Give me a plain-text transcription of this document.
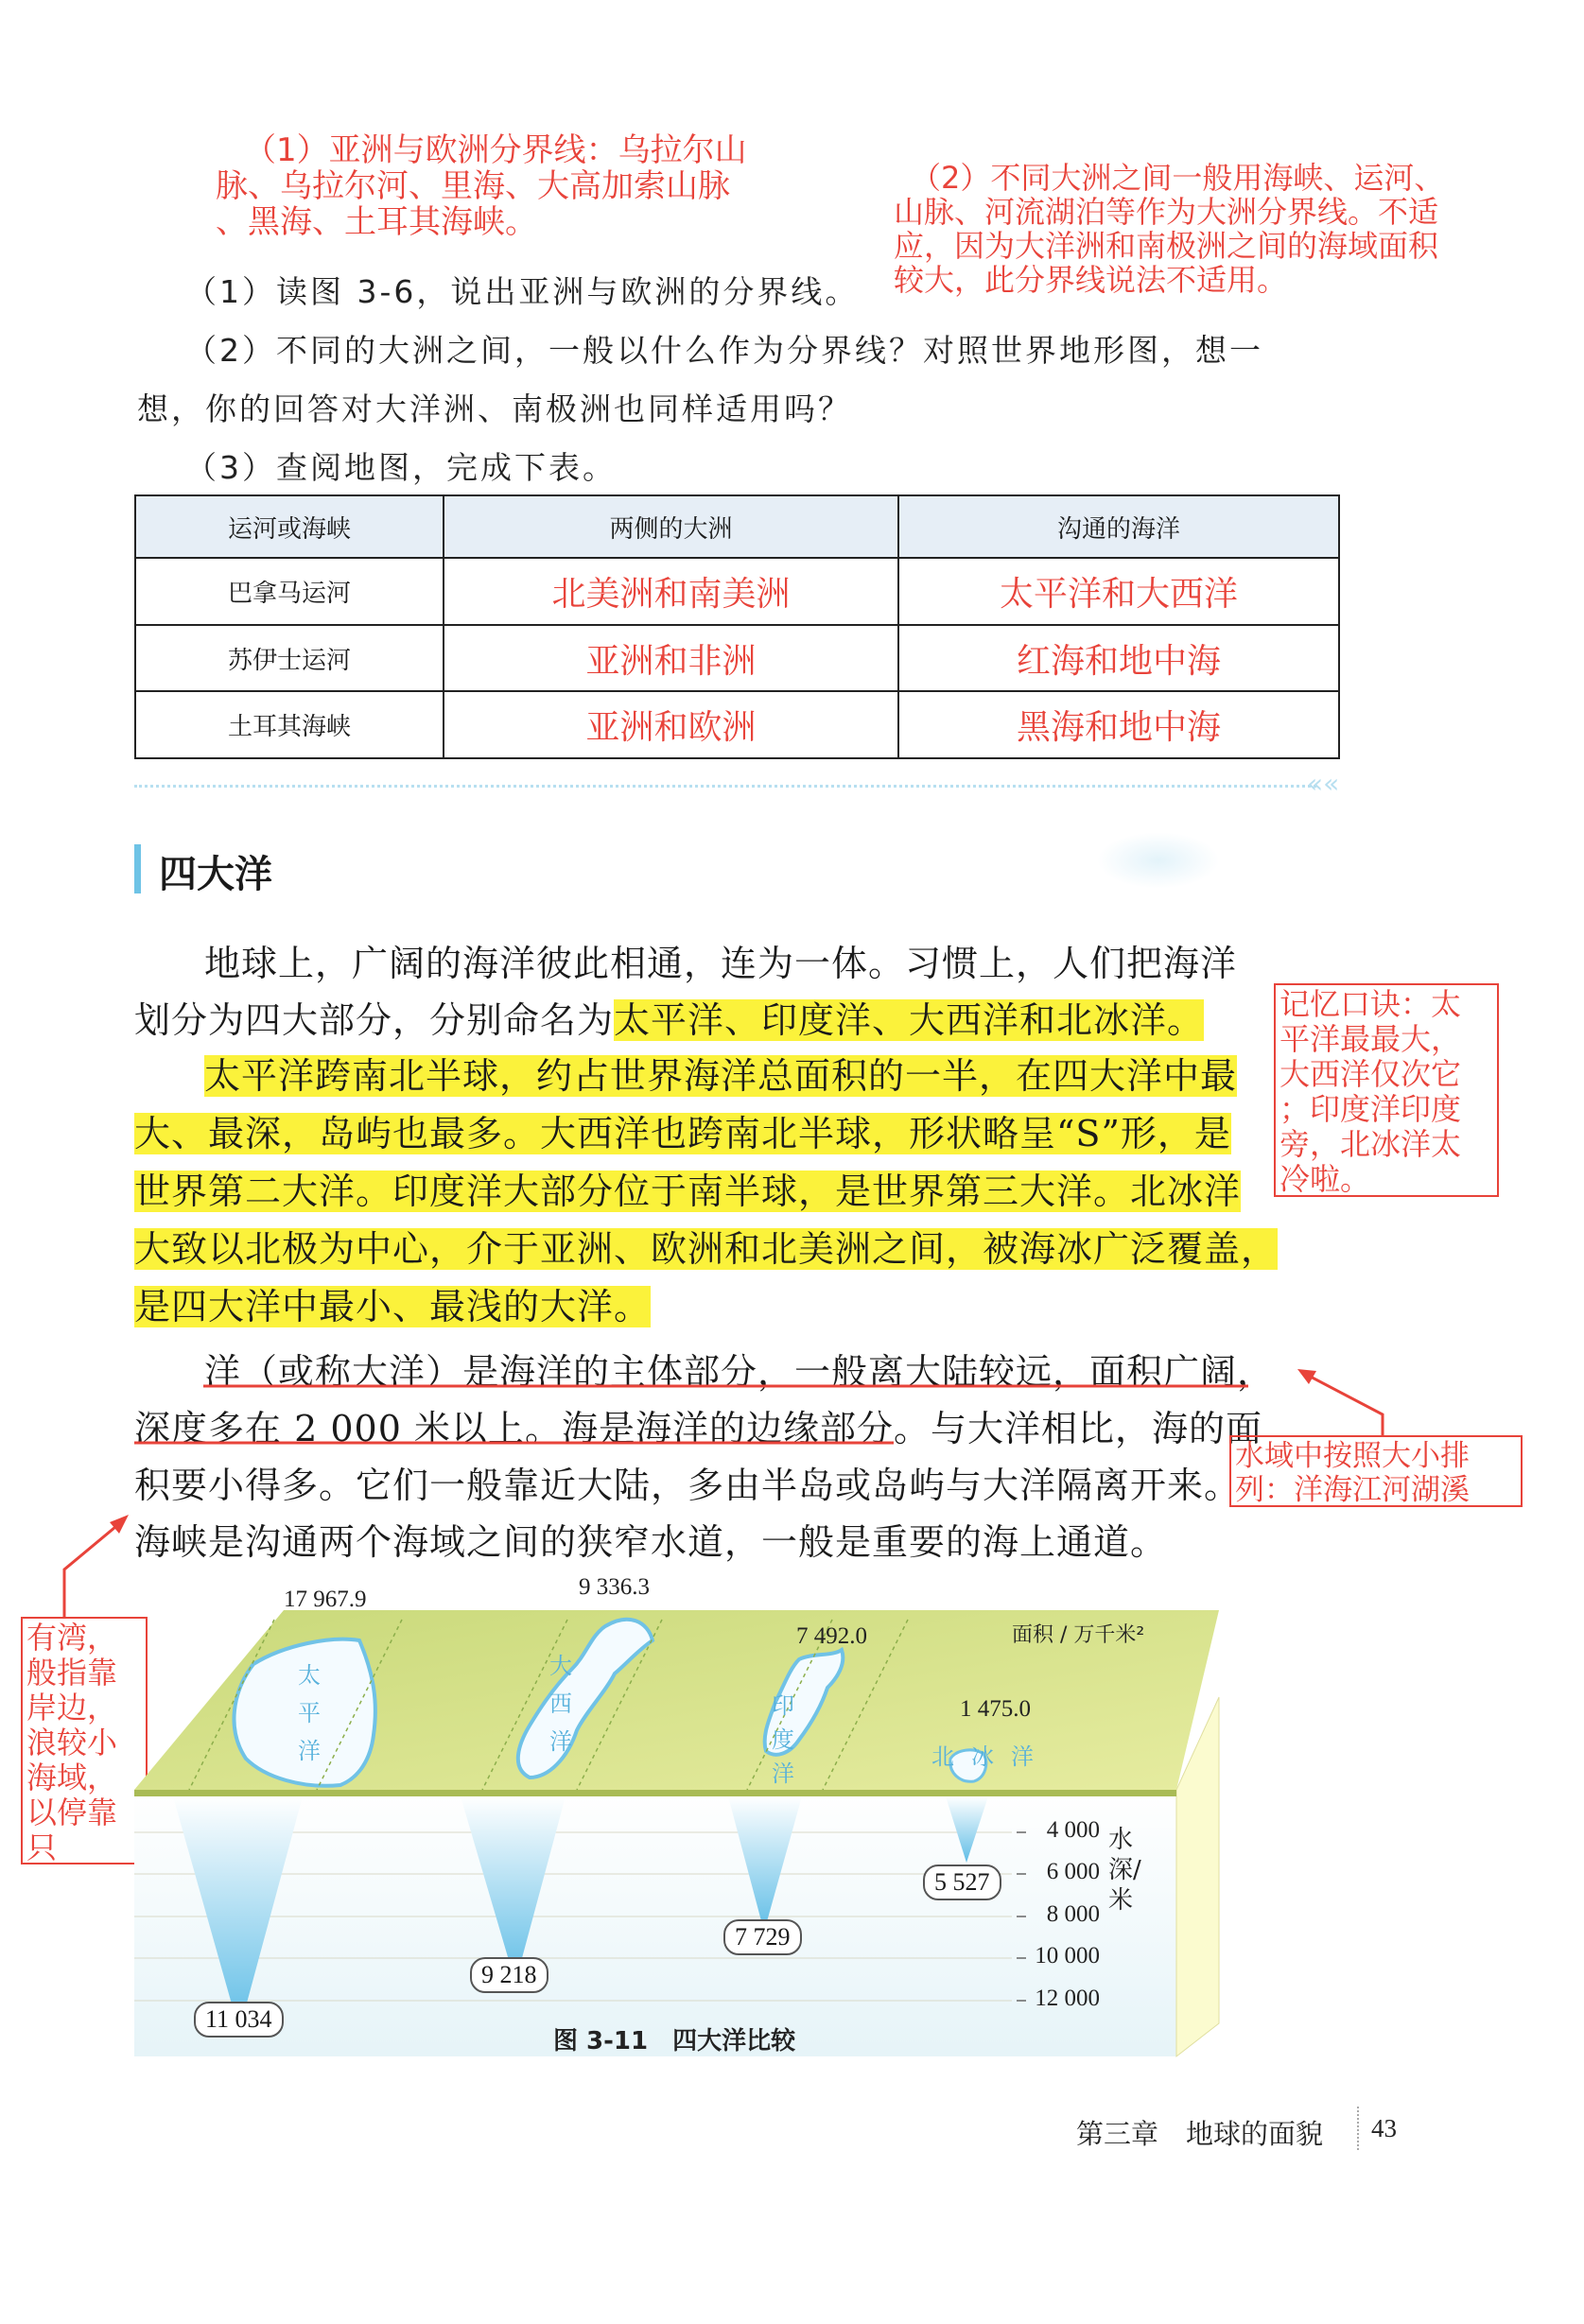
（1）亚洲与欧洲分界线：乌拉尔山
脉、乌拉尔河、里海、大高加索山脉
、黑海、土耳其海峡。
（2）不同大洲之间一般用海峡、运河、
山脉、河流湖泊等作为大洲分界线。不适
应，因为大洋洲和南极洲之间的海域面积
较大，此分界线说法不适用。
（1）读图 3-6，说出亚洲与欧洲的分界线。
（2）不同的大洲之间，一般以什么作为分界线？对照世界地形图，想一
想，你的回答对大洋洲、南极洲也同样适用吗？
（3）查阅地图，完成下表。
运河或海峡	两侧的大洲	沟通的海洋
巴拿马运河	北美洲和南美洲	太平洋和大西洋
苏伊士运河	亚洲和非洲	红海和地中海
土耳其海峡	亚洲和欧洲	黑海和地中海
««
四大洋
地球上，广阔的海洋彼此相通，连为一体。习惯上，人们把海洋
划分为四大部分，分别命名为太平洋、印度洋、大西洋和北冰洋。
太平洋跨南北半球，约占世界海洋总面积的一半，在四大洋中最
大、最深，岛屿也最多。大西洋也跨南北半球，形状略呈“S”形，是
世界第二大洋。印度洋大部分位于南半球，是世界第三大洋。北冰洋
大致以北极为中心，介于亚洲、欧洲和北美洲之间，被海冰广泛覆盖，
是四大洋中最小、最浅的大洋。
记忆口诀：太
平洋最最大，
大西洋仅次它
；印度洋印度
旁，北冰洋太
冷啦。
洋（或称大洋）是海洋的主体部分，一般离大陆较远，面积广阔，
深度多在 2 000 米以上。海是海洋的边缘部分。与大洋相比，海的面
积要小得多。它们一般靠近大陆，多由半岛或岛屿与大洋隔离开来。
海峡是沟通两个海域之间的狭窄水道，一般是重要的海上通道。
水域中按照大小排列：洋海江河湖溪
有湾，
般指靠
岸边，
浪较小
海域，
以停靠
只
太平洋
大西洋
印度洋
北冰洋
17 967.9	9 336.3
7 492.0
1 475.0
面积 / 万千米²
11 034
9 218
7 729
5 527
4 000
6 000
8 000
10 000
12 000
水深/米
图 3-11　四大洋比较
第三章　地球的面貌 43
